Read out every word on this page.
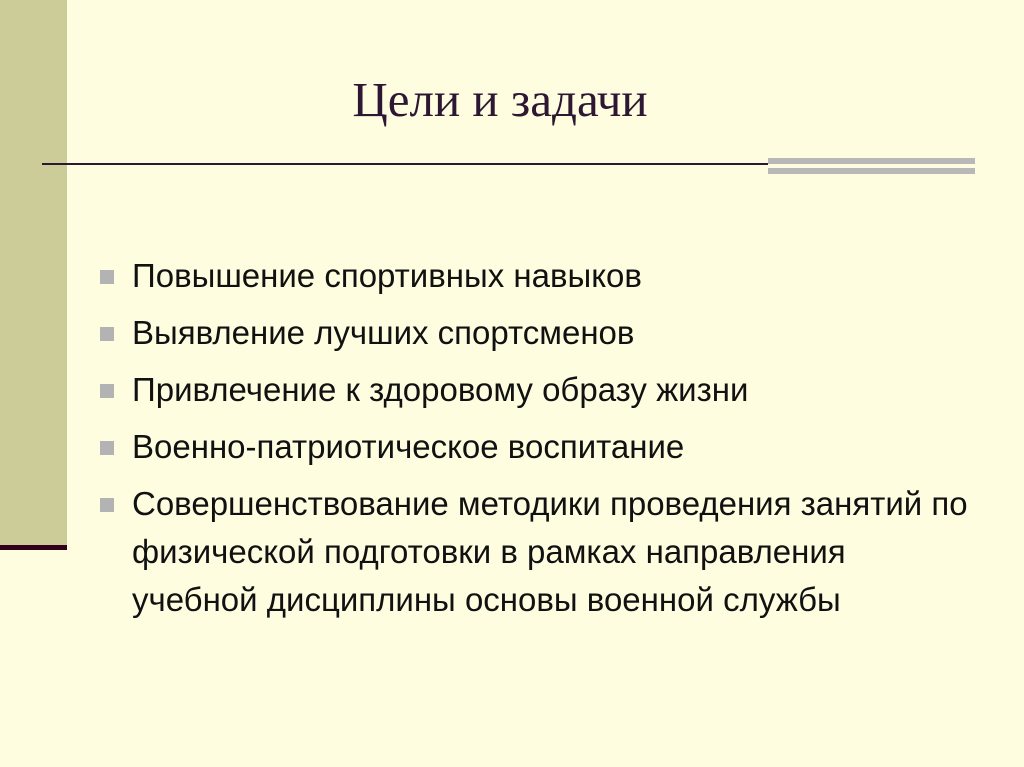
Цели и задачи
Повышение спортивных навыков
Выявление лучших спортсменов
Привлечение к здоровому образу жизни
Военно-патриотическое воспитание
Совершенствование методики проведения занятий по физической подготовки в рамках направления учебной дисциплины основы военной службы
